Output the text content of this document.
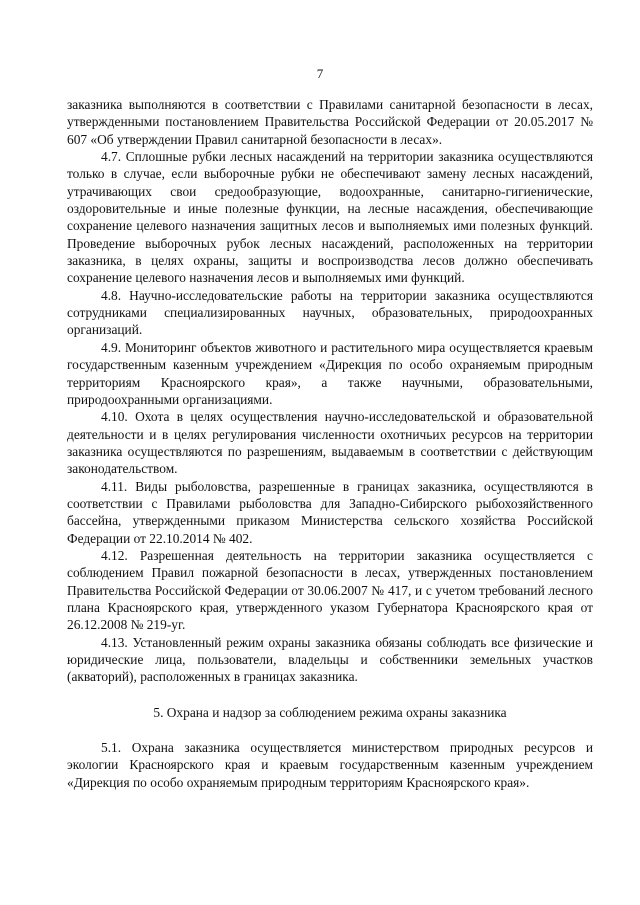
7

заказника выполняются в соответствии с Правилами санитарной безопасности в лесах, утвержденными постановлением Правительства Российской Федерации от 20.05.2017 № 607 «Об утверждении Правил санитарной безопасности в лесах».

4.7. Сплошные рубки лесных насаждений на территории заказника осуществляются только в случае, если выборочные рубки не обеспечивают замену лесных насаждений, утрачивающих свои средообразующие, водоохранные, санитарно-гигиенические, оздоровительные и иные полезные функции, на лесные насаждения, обеспечивающие сохранение целевого назначения защитных лесов и выполняемых ими полезных функций. Проведение выборочных рубок лесных насаждений, расположенных на территории заказника, в целях охраны, защиты и воспроизводства лесов должно обеспечивать сохранение целевого назначения лесов и выполняемых ими функций.

4.8. Научно-исследовательские работы на территории заказника осуществляются сотрудниками специализированных научных, образовательных, природоохранных организаций.

4.9. Мониторинг объектов животного и растительного мира осуществляется краевым государственным казенным учреждением «Дирекция по особо охраняемым природным территориям Красноярского края», а также научными, образовательными, природоохранными организациями.

4.10. Охота в целях осуществления научно-исследовательской и образовательной деятельности и в целях регулирования численности охотничьих ресурсов на территории заказника осуществляются по разрешениям, выдаваемым в соответствии с действующим законодательством.

4.11. Виды рыболовства, разрешенные в границах заказника, осуществляются в соответствии с Правилами рыболовства для Западно-Сибирского рыбохозяйственного бассейна, утвержденными приказом Министерства сельского хозяйства Российской Федерации от 22.10.2014 № 402.

4.12. Разрешенная деятельность на территории заказника осуществляется с соблюдением Правил пожарной безопасности в лесах, утвержденных постановлением Правительства Российской Федерации от 30.06.2007 № 417, и с учетом требований лесного плана Красноярского края, утвержденного указом Губернатора Красноярского края от 26.12.2008 № 219-уг.

4.13. Установленный режим охраны заказника обязаны соблюдать все физические и юридические лица, пользователи, владельцы и собственники земельных участков (акваторий), расположенных в границах заказника.

5. Охрана и надзор за соблюдением режима охраны заказника

5.1. Охрана заказника осуществляется министерством природных ресурсов и экологии Красноярского края и краевым государственным казенным учреждением «Дирекция по особо охраняемым природным территориям Красноярского края».
